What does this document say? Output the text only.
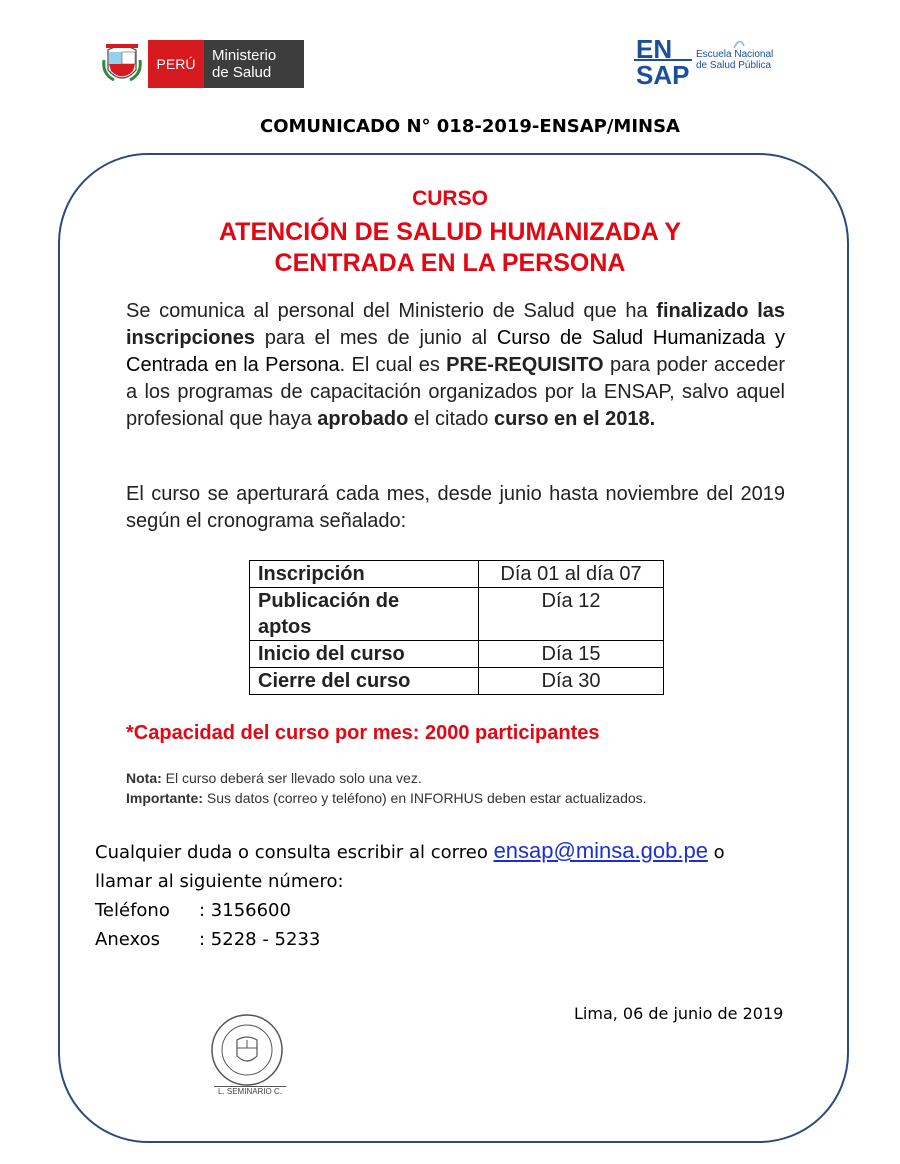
PERÚ	Ministerio
de Salud
EN
SAP
Escuela Nacional
de Salud Pública
COMUNICADO N° 018-2019-ENSAP/MINSA
CURSO
ATENCIÓN DE SALUD HUMANIZADA Y
CENTRADA EN LA PERSONA
Se comunica al personal del Ministerio de Salud que ha finalizado las inscripciones para el mes de junio al Curso de Salud Humanizada y Centrada en la Persona. El cual es PRE-REQUISITO para poder acceder a los programas de capacitación organizados por la ENSAP, salvo aquel profesional que haya aprobado el citado curso en el 2018.
El curso se aperturará cada mes, desde junio hasta noviembre del 2019 según el cronograma señalado:
Inscripción	Día 01 al día 07
Publicación de aptos	Día 12
Inicio del curso	Día 15
Cierre del curso	Día 30
*Capacidad del curso por mes: 2000 participantes
Nota: El curso deberá ser llevado solo una vez.
Importante: Sus datos (correo y teléfono) en INFORHUS deben estar actualizados.
Cualquier duda o consulta escribir al correo ensap@minsa.gob.pe o
llamar al siguiente número:
Teléfono : 3156600
Anexos : 5228 - 5233
Lima, 06 de junio de 2019
L. SEMINARIO C.
